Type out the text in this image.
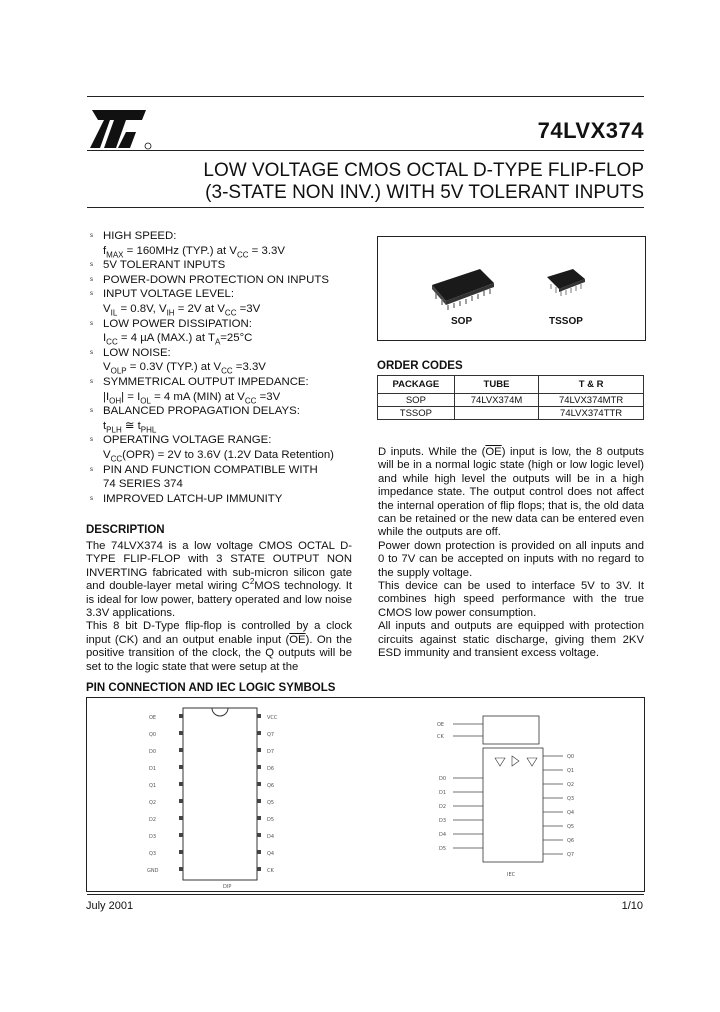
74LVX374
LOW VOLTAGE CMOS OCTAL D-TYPE FLIP-FLOP
(3-STATE NON INV.) WITH 5V TOLERANT INPUTS
s HIGH SPEED:
$f_{MAX} = 160MHz$ (TYP.) at $V_{CC} = 3.3V$
s 5V TOLERANT INPUTS
s POWER-DOWN PROTECTION ON INPUTS
s INPUT VOLTAGE LEVEL:
$V_{IL} = 0.8V$, $V_{IH} = 2V$ at $V_{CC} =3V$
s LOW POWER DISSIPATION:
$I_{CC} = 4$ µA (MAX.) at $T_A=25^\circ C$
s LOW NOISE:
$V_{OLP} = 0.3V$ (TYP.) at $V_{CC} =3.3V$
s SYMMETRICAL OUTPUT IMPEDANCE:
$|I_{OH}| = I_{OL} = 4$ mA (MIN) at $V_{CC} =3V$
s BALANCED PROPAGATION DELAYS:
$t_{PLH}$ ≅ $t_{PHL}$
s OPERATING VOLTAGE RANGE:
$V_{CC}(OPR) = 2V$ to 3.6V (1.2V Data Retention)
s PIN AND FUNCTION COMPATIBLE WITH
74 SERIES 374
s IMPROVED LATCH-UP IMMUNITY
SOP	TSSOP
ORDER CODES
PACKAGE	TUBE	T & R
SOP	74LVX374M	74LVX374MTR
TSSOP		74LVX374TTR
DESCRIPTION

The 74LVX374 is a low voltage CMOS OCTAL D-TYPE FLIP-FLOP with 3 STATE OUTPUT NON INVERTING fabricated with sub-micron silicon gate and double-layer metal wiring $C^2MOS$ technology. It is ideal for low power, battery operated and low noise 3.3V applications.

This 8 bit D-Type flip-flop is controlled by a clock input (CK) and an output enable input $(\overline{OE})$. On the positive transition of the clock, the Q outputs will be set to the logic state that were setup at the

D inputs. While the $(\overline{OE})$ input is low, the 8 outputs will be in a normal logic state (high or low logic level) and while high level the outputs will be in a high impedance state. The output control does not affect the internal operation of flip flops; that is, the old data can be retained or the new data can be entered even while the outputs are off.

Power down protection is provided on all inputs and 0 to 7V can be accepted on inputs with no regard to the supply voltage.

This device can be used to interface 5V to 3V. It combines high speed performance with the true CMOS low power consumption.

All inputs and outputs are equipped with protection circuits against static discharge, giving them 2KV ESD immunity and transient excess voltage.

PIN CONNECTION AND IEC LOGIC SYMBOLS
OE
Q0
D0
D1
Q1
Q2
D2
D3
Q3
GND
VCC
Q7
D7
D6
Q6
Q5
D5
D4
Q4
CK
DIP
OE
CK
D0
D1
D2
D3
D4
D5
Q0
Q1
Q2
Q3
Q4
Q5
Q6
Q7
IEC
July 2001	1/10
